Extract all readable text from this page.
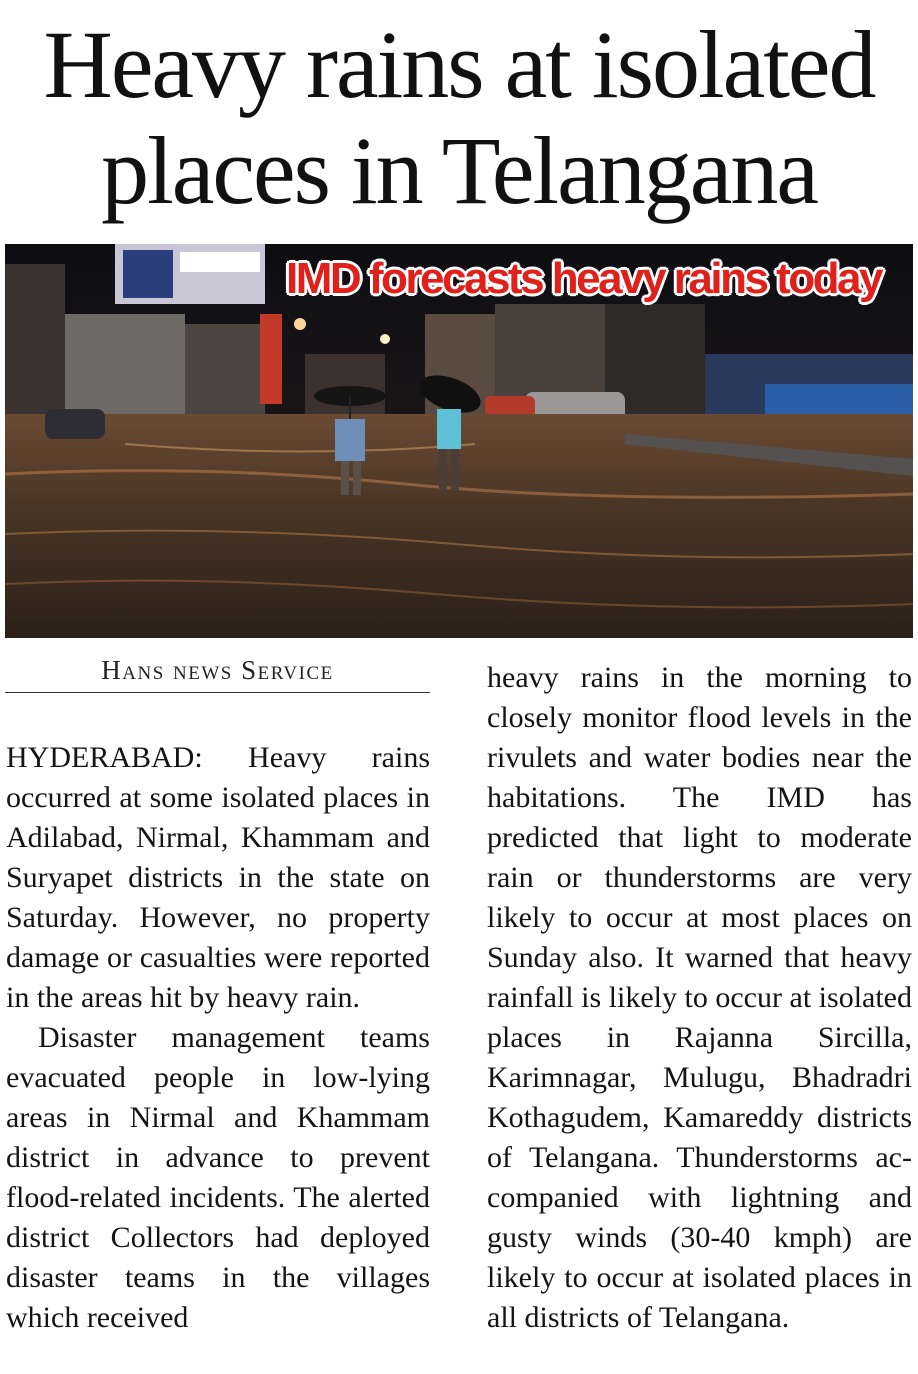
Heavy rains at isolated
places in Telangana
IMD forecasts heavy rains today
Hans news Service

HYDERABAD: Heavy rains occurred at some isolated places in Adilabad, Nirmal, Khammam and Suryapet districts in the state on Saturday. However, no property damage or casualties were reported in the areas hit by heavy rain.

Disaster management teams evacuated people in low-lying areas in Nirmal and Khammam district in advance to prevent flood-related incidents. The alerted district Collectors had deployed disaster teams in the villages which received

heavy rains in the morning to closely monitor flood levels in the rivulets and water bodies near the habitations. The IMD has predicted that light to moderate rain or thunderstorms are very likely to occur at most places on Sunday also. It warned that heavy rainfall is likely to occur at isolated places in Rajanna Sircilla, Karimnagar, Mulugu, Bhadradri Kothagudem, Kamareddy districts of Telangana. Thunderstorms accompanied with lightning and gusty winds (30-40 kmph) are likely to occur at isolated places in all districts of Telangana.
